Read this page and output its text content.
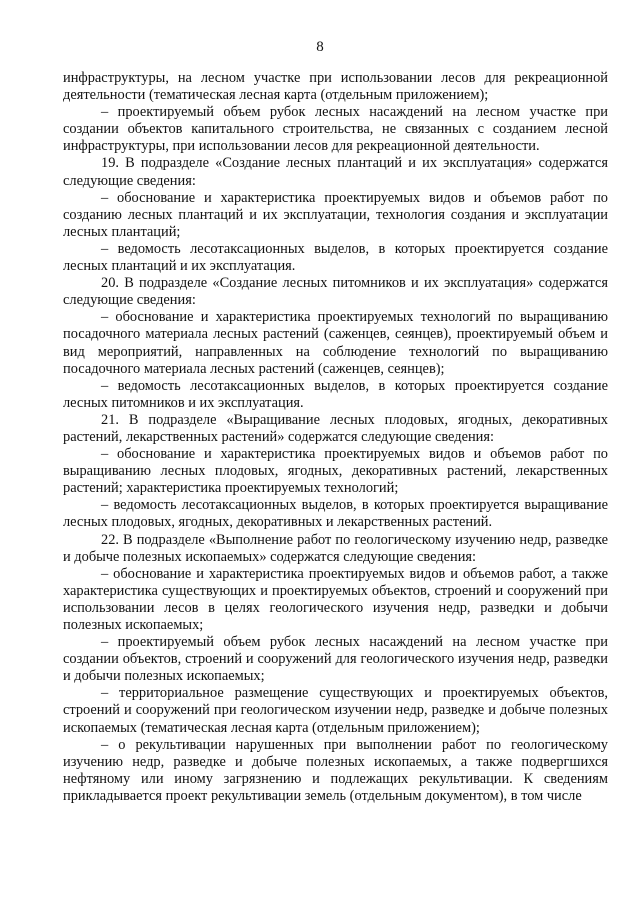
8

инфраструктуры, на лесном участке при использовании лесов для рекреационной деятельности (тематическая лесная карта (отдельным приложением);

– проектируемый объем рубок лесных насаждений на лесном участке при создании объектов капитального строительства, не связанных с созданием лесной инфраструктуры, при использовании лесов для рекреационной деятельности.

19. В подразделе «Создание лесных плантаций и их эксплуатация» содержатся следующие сведения:

– обоснование и характеристика проектируемых видов и объемов работ по созданию лесных плантаций и их эксплуатации, технология создания и эксплуатации лесных плантаций;

– ведомость лесотаксационных выделов, в которых проектируется создание лесных плантаций и их эксплуатация.

20. В подразделе «Создание лесных питомников и их эксплуатация» содержатся следующие сведения:

– обоснование и характеристика проектируемых технологий по выращиванию посадочного материала лесных растений (саженцев, сеянцев), проектируемый объем и вид мероприятий, направленных на соблюдение технологий по выращиванию посадочного материала лесных растений (саженцев, сеянцев);

– ведомость лесотаксационных выделов, в которых проектируется создание лесных питомников и их эксплуатация.

21. В подразделе «Выращивание лесных плодовых, ягодных, декоративных растений, лекарственных растений» содержатся следующие сведения:

– обоснование и характеристика проектируемых видов и объемов работ по выращиванию лесных плодовых, ягодных, декоративных растений, лекарственных растений; характеристика проектируемых технологий;

– ведомость лесотаксационных выделов, в которых проектируется выращивание лесных плодовых, ягодных, декоративных и лекарственных растений.

22. В подразделе «Выполнение работ по геологическому изучению недр, разведке и добыче полезных ископаемых» содержатся следующие сведения:

– обоснование и характеристика проектируемых видов и объемов работ, а также характеристика существующих и проектируемых объектов, строений и сооружений при использовании лесов в целях геологического изучения недр, разведки и добычи полезных ископаемых;

– проектируемый объем рубок лесных насаждений на лесном участке при создании объектов, строений и сооружений для геологического изучения недр, разведки и добычи полезных ископаемых;

– территориальное размещение существующих и проектируемых объектов, строений и сооружений при геологическом изучении недр, разведке и добыче полезных ископаемых (тематическая лесная карта (отдельным приложением);

– о рекультивации нарушенных при выполнении работ по геологическому изучению недр, разведке и добыче полезных ископаемых, а также подвергшихся нефтяному или иному загрязнению и подлежащих рекультивации. К сведениям прикладывается проект рекультивации земель (отдельным документом), в том числе
